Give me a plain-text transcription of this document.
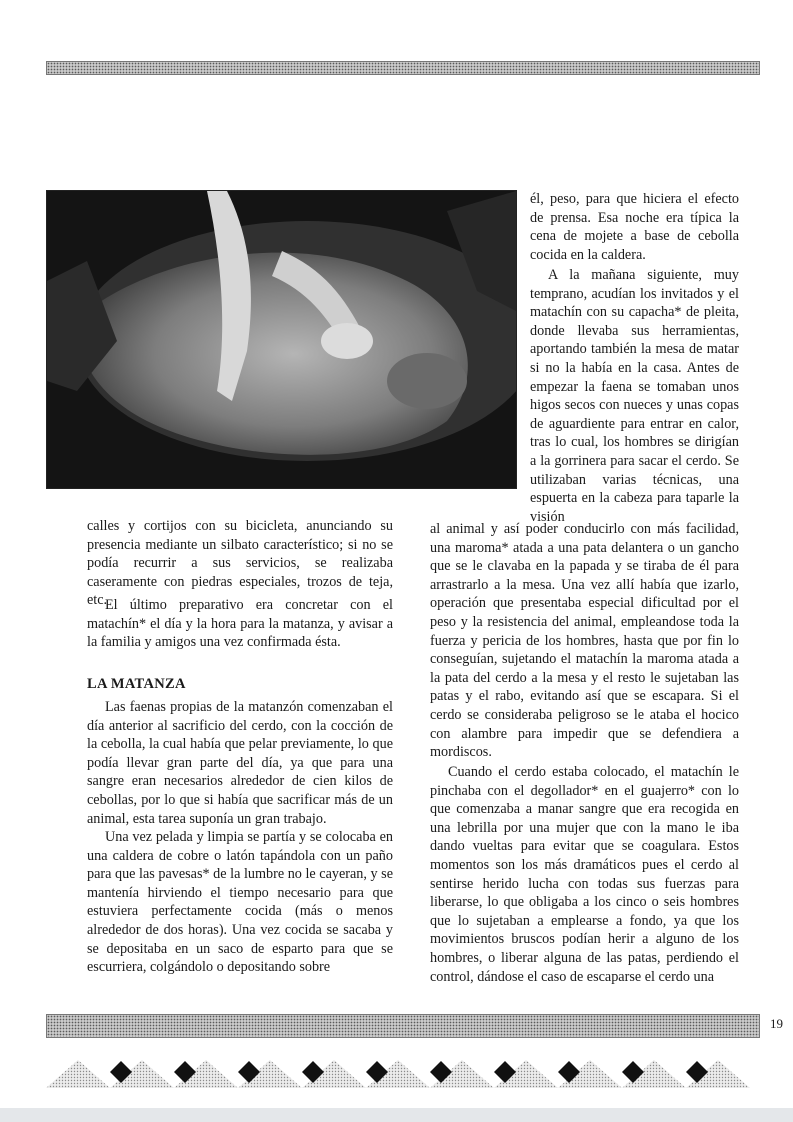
él, peso, para que hiciera el efecto de prensa. Esa noche era típica la cena de mojete a base de cebolla cocida en la caldera.
A la mañana siguiente, muy temprano, acudían los invitados y el matachín con su capacha* de pleita, donde llevaba sus herramientas, aportando también la mesa de matar si no la había en la casa. Antes de empezar la faena se tomaban unos higos secos con nueces y unas copas de aguardiente para entrar en calor, tras lo cual, los hombres se dirigían a la gorrinera para sacar el cerdo. Se utilizaban varias técnicas, una espuerta en la cabeza para taparle la visión
al animal y así poder conducirlo con más facilidad, una maroma* atada a una pata delantera o un gancho que se le clavaba en la papada y se tiraba de él para arrastrarlo a la mesa. Una vez allí había que izarlo, operación que presentaba especial dificultad por el peso y la resistencia del animal, empleandose toda la fuerza y pericia de los hombres, hasta que por fin lo conseguían, sujetando el matachín la maroma atada a la pata del cerdo a la mesa y el resto le sujetaban las patas y el rabo, evitando así que se escapara. Si el cerdo se consideraba peligroso se le ataba el hocico con alambre para impedir que se defendiera a mordiscos.
Cuando el cerdo estaba colocado, el matachín le pinchaba con el degollador* en el guajerro* con lo que comenzaba a manar sangre que era recogida en una lebrilla por una mujer que con la mano le iba dando vueltas para evitar que se coagulara. Estos momentos son los más dramáticos pues el cerdo al sentirse herido lucha con todas sus fuerzas para liberarse, lo que obligaba a los cinco o seis hombres que lo sujetaban a emplearse a fondo, ya que los movimientos bruscos podían herir a alguno de los hombres, o liberar alguna de las patas, perdiendo el control, dándose el caso de escaparse el cerdo una
calles y cortijos con su bicicleta, anunciando su presencia mediante un silbato característico; si no se podía recurrir a sus servicios, se realizaba caseramente con piedras especiales, trozos de teja, etc.
El último preparativo era concretar con el matachín* el día y la hora para la matanza, y avisar a la familia y amigos una vez confirmada ésta.
LA MATANZA
Las faenas propias de la matanzón comenzaban el día anterior al sacrificio del cerdo, con la cocción de la cebolla, la cual había que pelar previamente, lo que podía llevar gran parte del día, ya que para una sangre eran necesarios alrededor de cien kilos de cebollas, por lo que si había que sacrificar más de un animal, esta tarea suponía un gran trabajo.
Una vez pelada y limpia se partía y se colocaba en una caldera de cobre o latón tapándola con un paño para que las pavesas* de la lumbre no le cayeran, y se mantenía hirviendo el tiempo necesario para que estuviera perfectamente cocida (más o menos alrededor de dos horas). Una vez cocida se sacaba y se depositaba en un saco de esparto para que se escurriera, colgándolo o depositando sobre
19
